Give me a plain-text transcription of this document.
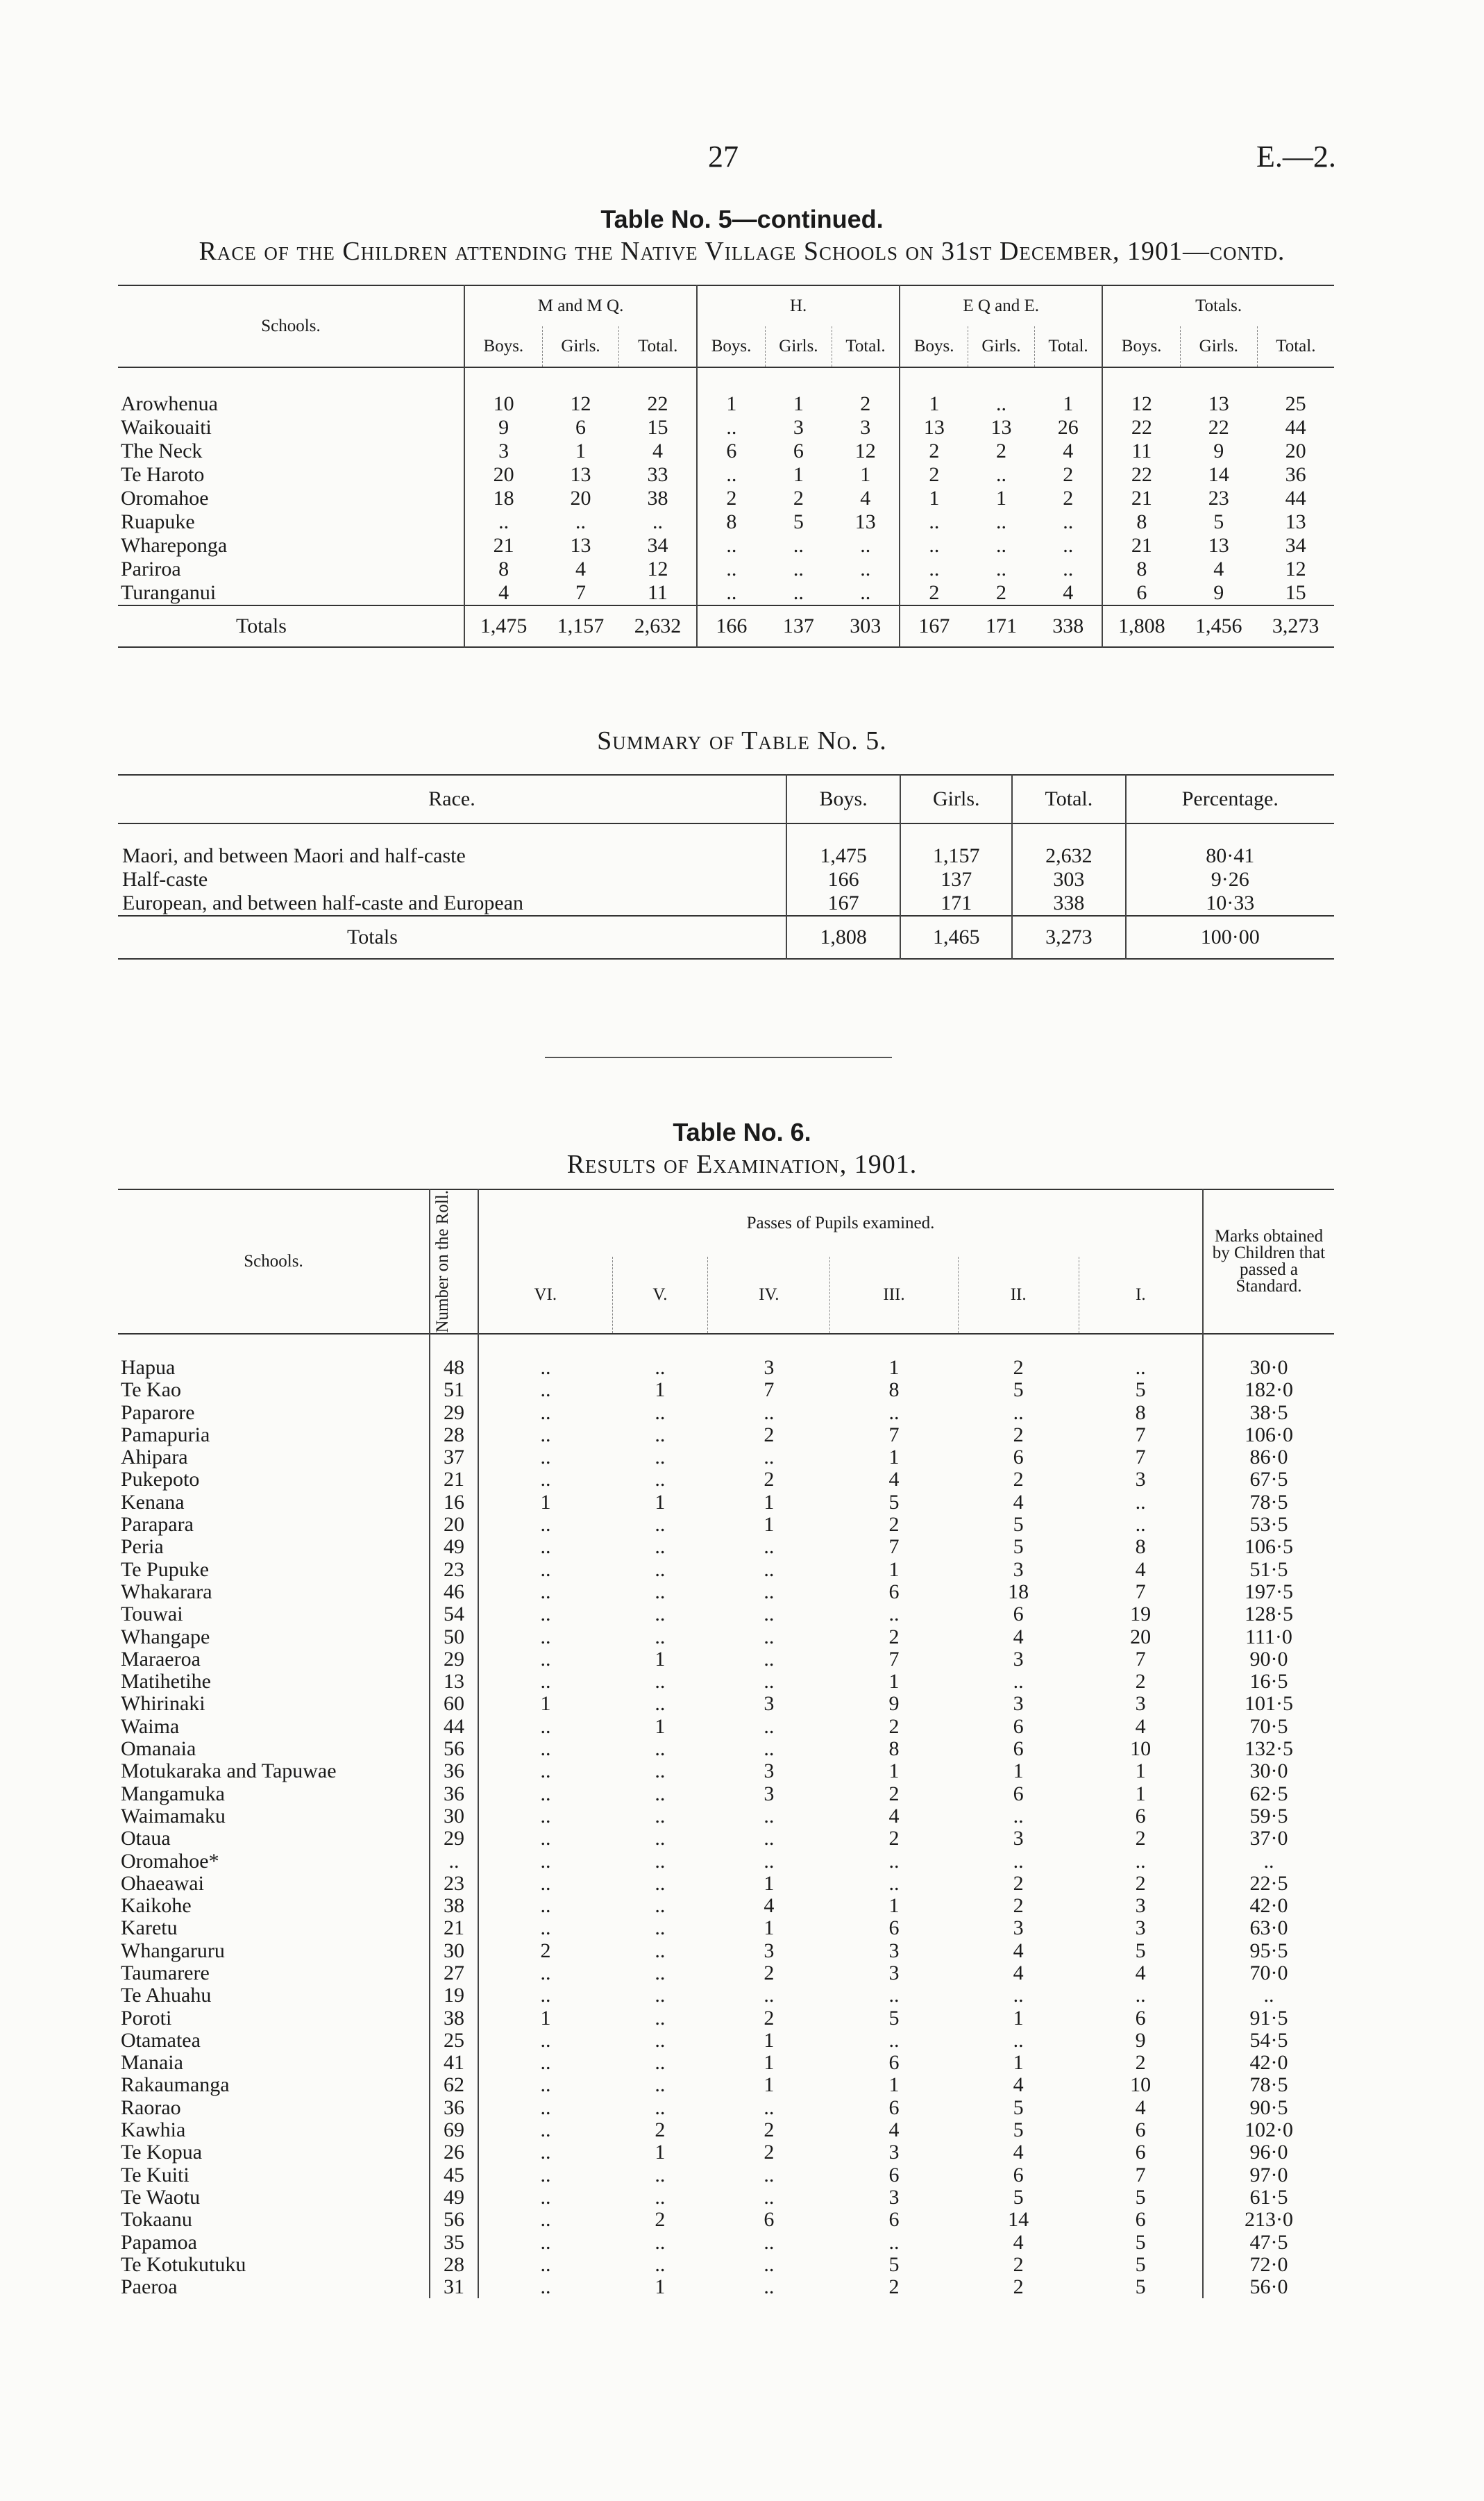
27	E.—2.
Table No. 5—continued.
Race of the Children attending the Native Village Schools on 31st December, 1901—contd.
Schools.	M and M Q.			H.			E Q and E.			Totals.		
	Boys.	Girls.	Total.	Boys.	Girls.	Total.	Boys.	Girls.	Total.	Boys.	Girls.	Total.

Arowhenua	10	12	22	1	1	2	1	..	1	12	13	25
Waikouaiti	9	6	15	..	3	3	13	13	26	22	22	44
The Neck	3	1	4	6	6	12	2	2	4	11	9	20
Te Haroto	20	13	33	..	1	1	2	..	2	22	14	36
Oromahoe	18	20	38	2	2	4	1	1	2	21	23	44
Ruapuke	..	..	..	8	5	13	..	..	..	8	5	13
Whareponga	21	13	34	..	..	..	..	..	..	21	13	34
Pariroa	8	4	12	..	..	..	..	..	..	8	4	12
Turanganui	4	7	11	..	..	..	2	2	4	6	9	15
Totals	1,475	1,157	2,632	166	137	303	167	171	338	1,808	1,456	3,273
Summary of Table No. 5.
Race.	Boys.	Girls.	Total.	Percentage.

Maori, and between Maori and half-caste	1,475	1,157	2,632	80·41
Half-caste	166	137	303	9·26
European, and between half-caste and European	167	171	338	10·33
Totals	1,808	1,465	3,273	100·00
Table No. 6.
Results of Examination, 1901.
Schools.	Number on the Roll.	Passes of Pupils examined.						Marks obtained by Children that passed a Standard.
		VI.	V.	IV.	III.	II.	I.	

Hapua	48	..	..	3	1	2	..	30·0
Te Kao	51	..	1	7	8	5	5	182·0
Paparore	29	..	..	..	..	..	8	38·5
Pamapuria	28	..	..	2	7	2	7	106·0
Ahipara	37	..	..	..	1	6	7	86·0
Pukepoto	21	..	..	2	4	2	3	67·5
Kenana	16	1	1	1	5	4	..	78·5
Parapara	20	..	..	1	2	5	..	53·5
Peria	49	..	..	..	7	5	8	106·5
Te Pupuke	23	..	..	..	1	3	4	51·5
Whakarara	46	..	..	..	6	18	7	197·5
Touwai	54	..	..	..	..	6	19	128·5
Whangape	50	..	..	..	2	4	20	111·0
Maraeroa	29	..	1	..	7	3	7	90·0
Matihetihe	13	..	..	..	1	..	2	16·5
Whirinaki	60	1	..	3	9	3	3	101·5
Waima	44	..	1	..	2	6	4	70·5
Omanaia	56	..	..	..	8	6	10	132·5
Motukaraka and Tapuwae	36	..	..	3	1	1	1	30·0
Mangamuka	36	..	..	3	2	6	1	62·5
Waimamaku	30	..	..	..	4	..	6	59·5
Otaua	29	..	..	..	2	3	2	37·0
Oromahoe*	..	..	..	..	..	..	..	..
Ohaeawai	23	..	..	1	..	2	2	22·5
Kaikohe	38	..	..	4	1	2	3	42·0
Karetu	21	..	..	1	6	3	3	63·0
Whangaruru	30	2	..	3	3	4	5	95·5
Taumarere	27	..	..	2	3	4	4	70·0
Te Ahuahu	19	..	..	..	..	..	..	..
Poroti	38	1	..	2	5	1	6	91·5
Otamatea	25	..	..	1	..	..	9	54·5
Manaia	41	..	..	1	6	1	2	42·0
Rakaumanga	62	..	..	1	1	4	10	78·5
Raorao	36	..	..	..	6	5	4	90·5
Kawhia	69	..	2	2	4	5	6	102·0
Te Kopua	26	..	1	2	3	4	6	96·0
Te Kuiti	45	..	..	..	6	6	7	97·0
Te Waotu	49	..	..	..	3	5	5	61·5
Tokaanu	56	..	2	6	6	14	6	213·0
Papamoa	35	..	..	..	..	4	5	47·5
Te Kotukutuku	28	..	..	..	5	2	5	72·0
Paeroa	31	..	1	..	2	2	5	56·0
